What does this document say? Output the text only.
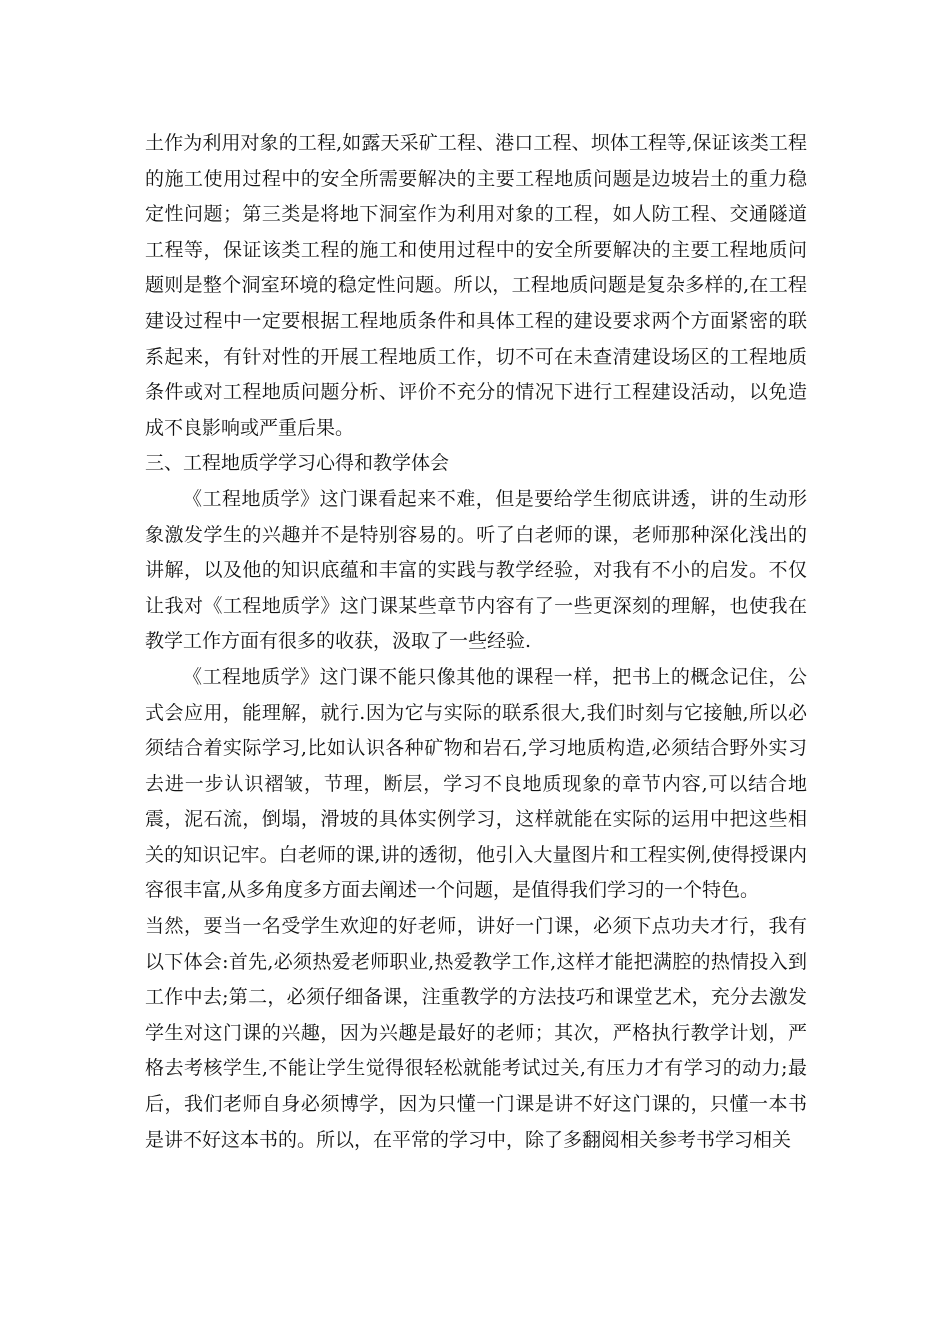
土作为利用对象的工程,如露天采矿工程、港口工程、坝体工程等,保证该类工程的施工使用过程中的安全所需要解决的主要工程地质问题是边坡岩土的重力稳定性问题；第三类是将地下洞室作为利用对象的工程，如人防工程、交通隧道工程等，保证该类工程的施工和使用过程中的安全所要解决的主要工程地质问题则是整个洞室环境的稳定性问题。所以，工程地质问题是复杂多样的,在工程建设过程中一定要根据工程地质条件和具体工程的建设要求两个方面紧密的联系起来，有针对性的开展工程地质工作，切不可在未查清建设场区的工程地质条件或对工程地质问题分析、评价不充分的情况下进行工程建设活动，以免造成不良影响或严重后果。

三、工程地质学学习心得和教学体会

《工程地质学》这门课看起来不难，但是要给学生彻底讲透，讲的生动形象激发学生的兴趣并不是特别容易的。听了白老师的课，老师那种深化浅出的讲解，以及他的知识底蕴和丰富的实践与教学经验，对我有不小的启发。不仅让我对《工程地质学》这门课某些章节内容有了一些更深刻的理解，也使我在教学工作方面有很多的收获，汲取了一些经验.

《工程地质学》这门课不能只像其他的课程一样，把书上的概念记住，公式会应用，能理解，就行.因为它与实际的联系很大,我们时刻与它接触,所以必须结合着实际学习,比如认识各种矿物和岩石,学习地质构造,必须结合野外实习去进一步认识褶皱，节理，断层，学习不良地质现象的章节内容,可以结合地震，泥石流，倒塌，滑坡的具体实例学习，这样就能在实际的运用中把这些相关的知识记牢。白老师的课,讲的透彻，他引入大量图片和工程实例,使得授课内容很丰富,从多角度多方面去阐述一个问题，是值得我们学习的一个特色。

当然，要当一名受学生欢迎的好老师，讲好一门课，必须下点功夫才行，我有以下体会:首先,必须热爱老师职业,热爱教学工作,这样才能把满腔的热情投入到工作中去;第二，必须仔细备课，注重教学的方法技巧和课堂艺术，充分去激发学生对这门课的兴趣，因为兴趣是最好的老师；其次，严格执行教学计划，严格去考核学生,不能让学生觉得很轻松就能考试过关,有压力才有学习的动力;最后，我们老师自身必须博学，因为只懂一门课是讲不好这门课的，只懂一本书是讲不好这本书的。所以，在平常的学习中，除了多翻阅相关参考书学习相关
